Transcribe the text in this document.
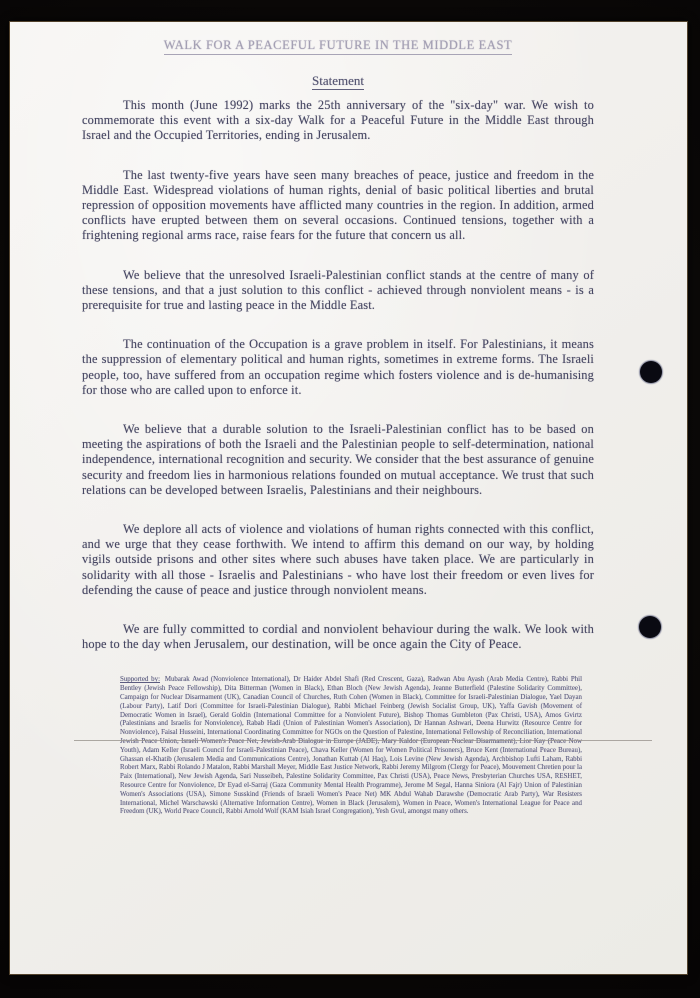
WALK FOR A PEACEFUL FUTURE IN THE MIDDLE EAST
Statement

This month (June 1992) marks the 25th anniversary of the "six-day" war. We wish to commemorate this event with a six-day Walk for a Peaceful Future in the Middle East through Israel and the Occupied Territories, ending in Jerusalem.

The last twenty-five years have seen many breaches of peace, justice and freedom in the Middle East. Widespread violations of human rights, denial of basic political liberties and brutal repression of opposition movements have afflicted many countries in the region. In addition, armed conflicts have erupted between them on several occasions. Continued tensions, together with a frightening regional arms race, raise fears for the future that concern us all.

We believe that the unresolved Israeli-Palestinian conflict stands at the centre of many of these tensions, and that a just solution to this conflict - achieved through nonviolent means - is a prerequisite for true and lasting peace in the Middle East.

The continuation of the Occupation is a grave problem in itself. For Palestinians, it means the suppression of elementary political and human rights, sometimes in extreme forms. The Israeli people, too, have suffered from an occupation regime which fosters violence and is de-humanising for those who are called upon to enforce it.

We believe that a durable solution to the Israeli-Palestinian conflict has to be based on meeting the aspirations of both the Israeli and the Palestinian people to self-determination, national independence, international recognition and security. We consider that the best assurance of genuine security and freedom lies in harmonious relations founded on mutual acceptance. We trust that such relations can be developed between Israelis, Palestinians and their neighbours.

We deplore all acts of violence and violations of human rights connected with this conflict, and we urge that they cease forthwith. We intend to affirm this demand on our way, by holding vigils outside prisons and other sites where such abuses have taken place. We are particularly in solidarity with all those - Israelis and Palestinians - who have lost their freedom or even lives for defending the cause of peace and justice through nonviolent means.

We are fully committed to cordial and nonviolent behaviour during the walk. We look with hope to the day when Jerusalem, our destination, will be once again the City of Peace.

Supported by: Mubarak Awad (Nonviolence International), Dr Haider Abdel Shafi (Red Crescent, Gaza), Radwan Abu Ayash (Arab Media Centre), Rabbi Phil Bentley (Jewish Peace Fellowship), Dita Bitterman (Women in Black), Ethan Bloch (New Jewish Agenda), Jeanne Butterfield (Palestine Solidarity Committee), Campaign for Nuclear Disarmament (UK), Canadian Council of Churches, Ruth Cohen (Women in Black), Committee for Israeli-Palestinian Dialogue, Yael Dayan (Labour Party), Latif Dori (Committee for Israeli-Palestinian Dialogue), Rabbi Michael Feinberg (Jewish Socialist Group, UK), Yaffa Gavish (Movement of Democratic Women in Israel), Gerald Goldin (International Committee for a Nonviolent Future), Bishop Thomas Gumbleton (Pax Christi, USA), Amos Gvirtz (Palestinians and Israelis for Nonviolence), Rabab Hadi (Union of Palestinian Women's Association), Dr Hannan Ashwari, Deena Hurwitz (Resource Centre for Nonviolence), Faisal Husseini, International Coordinating Committee for NGOs on the Question of Palestine, International Fellowship of Reconciliation, International Jewish Peace Union, Israeli Women's Peace Net, Jewish-Arab Dialogue in Europe (JADE), Mary Kaldor (European Nuclear Disarmament), Lior Kay (Peace Now Youth), Adam Keller (Israeli Council for Israeli-Palestinian Peace), Chava Keller (Women for Women Political Prisoners), Bruce Kent (International Peace Bureau), Ghassan el-Khatib (Jerusalem Media and Communications Centre), Jonathan Kuttab (Al Haq), Lois Levine (New Jewish Agenda), Archbishop Lufti Laham, Rabbi Robert Marx, Rabbi Rolando J Matalon, Rabbi Marshall Meyer, Middle East Justice Network, Rabbi Jeremy Milgrom (Clergy for Peace), Mouvement Chretien pour la Paix (International), New Jewish Agenda, Sari Nusseibeh, Palestine Solidarity Committee, Pax Christi (USA), Peace News, Presbyterian Churches USA, RESHET, Resource Centre for Nonviolence, Dr Eyad el-Sarraj (Gaza Community Mental Health Programme), Jerome M Segal, Hanna Siniora (Al Fajr) Union of Palestinian Women's Associations (USA), Simone Susskind (Friends of Israeli Women's Peace Net) MK Abdul Wahab Darawshe (Democratic Arab Party), War Resisters International, Michel Warschawski (Alternative Information Centre), Women in Black (Jerusalem), Women in Peace, Women's International League for Peace and Freedom (UK), World Peace Council, Rabbi Arnold Wolf (KAM Isiah Israel Congregation), Yesh Gvul, amongst many others.
